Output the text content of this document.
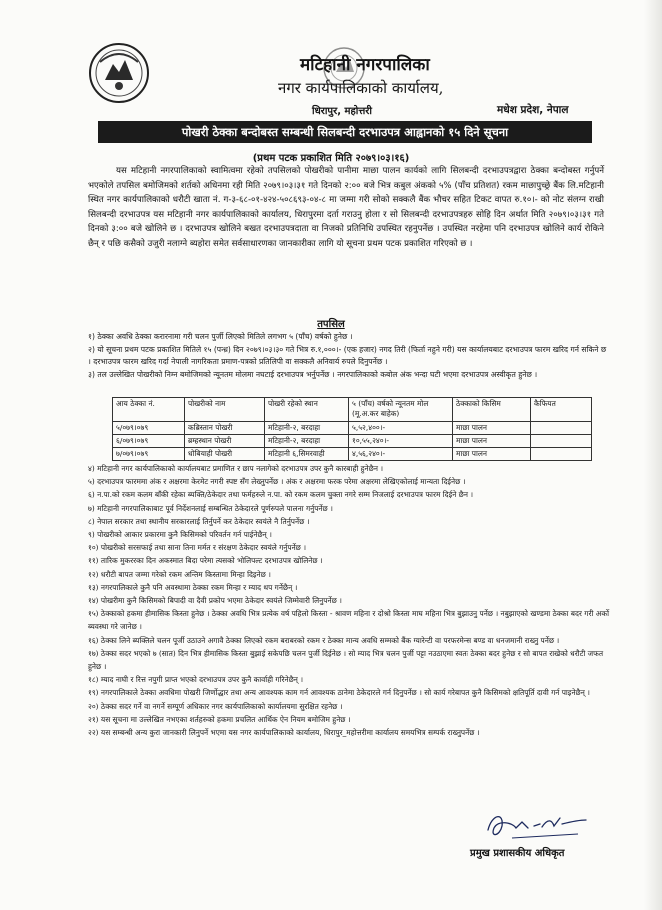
मटिहानी नगरपालिका
नगर कार्यपालिकाको कार्यालय,
धिरापुर, महोत्तरी	मधेश प्रदेश, नेपाल
पोखरी ठेक्का बन्दोबस्त सम्बन्धी सिलबन्दी दरभाउपत्र आह्वानको १५ दिने सूचना
(प्रथम पटक प्रकाशित मिति २०७९।०३।१६)

यस मटिहानी नगरपालिकाको स्वामित्वमा रहेको तपसिलको पोखरीको पानीमा माछा पालन कार्यको लागि सिलबन्दी दरभाउपत्रद्वारा ठेक्का बन्दोबस्त गर्नुपर्ने भएकोले तपसिल बमोजिमको शर्तको अधिनमा रही मिति २०७९।०३।३१ गते दिनको २:०० बजे भित्र कबुल अंकको ५% (पाँच प्रतिशत) रकम माछापुच्छ्रे बैंक लि.मटिहानी स्थित नगर कार्यपालिकाको धरौटी खाता नं. ग-३-६८-०१-४२४-५०८६९३-०४-८ मा जम्मा गरी सोको सक्कलै बैंक भौचर सहित टिकट वापत रु.१०।- को नोट संलग्न राखी सिलबन्दी दरभाउपत्र यस मटिहानी नगर कार्यपालिकाको कार्यालय, धिरापुरमा दर्ता गराउनु होला र सो सिलबन्दी दरभाउपत्रहरु सोहि दिन अर्थात मिति २०७९।०३।३१ गते दिनको ३:०० बजे खोलिने छ । दरभाउपत्र खोलिने बखत दरभाउपत्रदाता वा निजको प्रतिनिधि उपस्थित रहनुपर्नेछ । उपस्थित नरहेमा पनि दरभाउपत्र खोलिने कार्य रोकिने छैन् र पछि कसैको उजुरी नलाग्ने ब्यहोरा समेत सर्वसाधारणका जानकारीका लागि यो सूचना प्रथम पटक प्रकाशित गरिएको छ ।

तपसिल
१) ठेक्का अवधि ठेक्का करारनामा गरी चलन पुर्जी लिएको मितिले लगभग ५ (पाँच) वर्षको हुनेछ ।
२) यो सूचना प्रथम पटक प्रकाशित मितिले १५ (पन्ध्र) दिन २०७९।०३।३० गते भित्र रु.१,०००।- (एक हजार) नगद तिरी (फिर्ता नहुने गरी) यस कार्यालयबाट दरभाउपत्र फारम खरिद गर्न सकिने छ । दरभाउपत्र फारम खरिद गर्दा नेपाली नागरिकता प्रमाण-पत्रको प्रतिलिपी वा सक्कलै अनिवार्य रुपले दिनुपर्नेछ ।
३) तल उल्लेखित पोखरीको निम्न बमोजिमको न्यूनतम मोलमा नघटाई दरभाउपत्र भर्नुपर्नेछ । नगरपालिकाको कबोल अंक भन्दा घटी भएमा दरभाउपत्र अस्वीकृत हुनेछ ।
आय ठेक्का नं.	पोखरीको नाम	पोखरी रहेको स्थान	५ (पाँच) वर्षको न्यूनतम मोल (मू.अ.कर बाहेक)	ठेक्काको किसिम	कैफियत
५/०७९।०७९	कब्रिस्तान पोखरी	मटिहानी-२, बरदाहा	५,५२,४००।-	माछा पालन	
६/०७९।०७९	ब्रम्हस्थान पोखरी	मटिहानी-२, बरदाहा	१०,५५,२४०।-	माछा पालन	
७/०७९।०७९	धोबियाही पोखरी	मटिहानी ६,सिमरवाही	४,५६,२४०।-	माछा पालन	
४) मटिहानी नगर कार्यपालिकाको कार्यालयबाट प्रमाणित र छाप नलागेको दरभाउपत्र उपर कुनै कारबाही हुनेछैन ।
५) दरभाउपत्र फारममा अंक र अक्षरमा केरमेट नगरी स्पष्ट सँग लेख्नुपर्नेछ । अंक र अक्षरमा फरक परेमा अक्षरमा लेखिएकोलाई मान्यता दिईनेछ ।
६) न.पा.को रकम कलम बाँकी रहेका ब्यक्ति/ठेकेदार तथा फर्महरुले न.पा. को रकम कलम चुक्ता नगरे सम्म निजलाई दरभाउपत्र फारम दिईने छैन ।
७) मटिहानी नगरपालिकाबाट पूर्व निर्देशनलाई सम्बन्धित ठेकेदारले पूर्णरुपले पालना गर्नुपर्नेछ ।
८) नेपाल सरकार तथा स्थानीय सरकारलाई तिर्नुपर्ने कर ठेकेदार स्वयंले नै तिर्नुपर्नेछ ।
९) पोखरीको आकार प्रकारमा कुनै किसिमको परिवर्तन गर्न पाईनेछैन् ।
१०) पोखरीको सरसफाई तथा साना तिना मर्मत र संरक्षण ठेकेदार स्वयंले गर्नुपर्नेछ ।
११) तारिक मुकररका दिन अकस्मात बिदा परेमा त्यसको भोलिपल्ट दरभाउपत्र खोलिनेछ ।
१२) धरौटी बापत जम्मा गरेको रकम अन्तिम किस्तामा मिन्हा दिइनेछ ।
१३) नगरपालिकाले कुनै पनि अवस्थामा ठेक्का रकम मिन्हा र म्याद थप गर्नेछैन् ।
१४) पोखरीमा कुनै किसिमको बिपादी वा दैवी प्रकोप भएमा ठेकेदार स्वयंले जिम्मेवारी लिनुपर्नेछ ।
१५) ठेक्काको हकमा हीमासिक किस्ता हुनेछ । ठेक्का अवधि भित्र प्रत्येक वर्ष पहिलो किस्ता - श्रावण महिना र दोश्रो किस्ता माघ महिना भित्र बुझाउनु पर्नेछ । नबुझाएको खण्डमा ठेक्का बदर गरी अर्को ब्यवस्था गरे जानेछ ।
१६) ठेक्का लिने ब्यक्तिले चलन पूर्जी उठाउने अगावै ठेक्का लिएको रकम बराबरको रकम र ठेक्का मान्य अवधि सम्मको बैंक ग्यारेन्टी वा परफरमेन्स बण्ड वा धनजमानी राख्नु पर्नेछ ।
१७) ठेक्का सदर भएको ७ (सात) दिन भित्र हीमासिक किस्ता बुझाई सकेपछि चलन पुर्जी दिईनेछ । सो म्याद भित्र चलन पुर्जी पट्टा नउठाएमा स्वतः ठेक्का बदर हुनेछ र सो बापत राखेको धरौटी जफत हुनेछ ।
१८) म्याद नाघी र रित्त नपुगी प्राप्त भएको दरभाउपत्र उपर कुनै कार्वाही गरिनेछैन् ।
१९) नगरपालिकाले ठेक्का अवधिमा पोखरी जिर्णोद्धार तथा अन्य आवश्यक काम गर्न आवश्यक ठानेमा ठेकेदारले गर्न दिनुपर्नेछ । सो कार्य गरेबापत कुनै किसिमको क्षतिपूर्ति दावी गर्न पाइनेछैन् ।
२०) ठेक्का सदर गर्ने वा नगर्ने सम्पूर्ण अधिकार नगर कार्यपालिकाको कार्यालयमा सुरक्षित रहनेछ ।
२१) यस सूचना मा उल्लेखित नभएका शर्तहरुको हकमा प्रचलित आर्थिक ऐन नियम बमोजिम हुनेछ ।
२२) यस सम्बन्धी अन्य कुरा जानकारी लिनुपर्ने भएमा यस नगर कार्यपालिकाको कार्यालय, धिरापुर_महोत्तरीमा कार्यालय समयभित्र सम्पर्क राख्नुपर्नेछ ।
प्रमुख प्रशासकीय अधिकृत
